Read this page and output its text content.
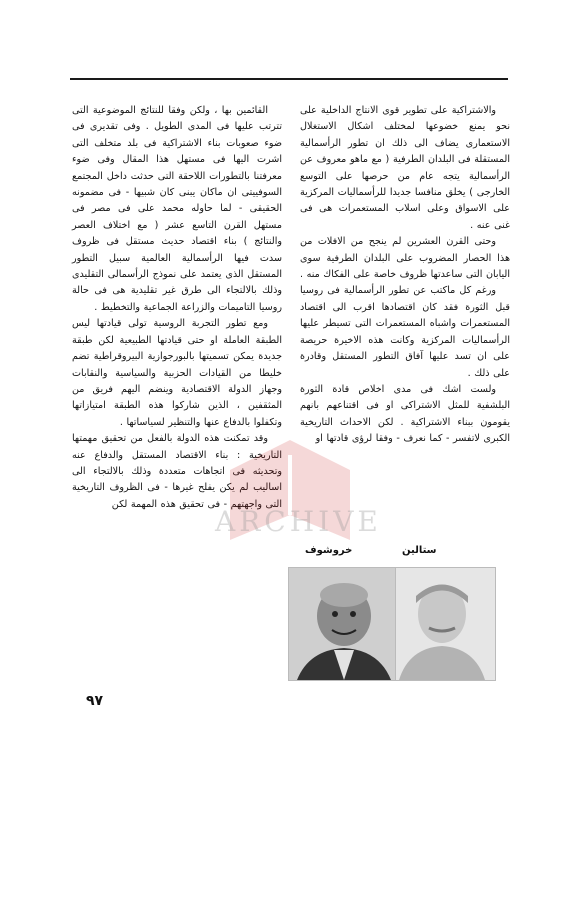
والاشتراكية على تطوير قوى الانتاج الداخلية على نحو يمنع خضوعها لمختلف اشكال الاستغلال الاستعمارى يضاف الى ذلك ان تطور الرأسمالية المستقلة فى البلدان الطرفية ( مع ماهو معروف عن الرأسمالية يتجه عام من حرصها على التوسع الخارجى ) يخلق منافسا جديدا للرأسماليات المركزية على الاسواق وعلى اسلاب المستعمرات هى فى غنى عنه .

وحتى القرن العشرين لم ينجح من الافلات من هذا الحصار المضروب على البلدان الطرفية سوى اليابان التى ساعدتها ظروف خاصة على الفكاك منه .

ورغم كل ماكتب عن تطور الرأسمالية فى روسيا قبل الثورة فقد كان اقتصادها اقرب الى اقتصاد المستعمرات واشباه المستعمرات التى تسيطر عليها الرأسماليات المركزية وكانت هذه الاخيرة حريصة على ان تسد عليها آفاق التطور المستقل وقادرة على ذلك .

ولست اشك فى مدى اخلاص قادة الثورة البلشفية للمثل الاشتراكى او فى اقتناعهم بانهم يقومون ببناء الاشتراكية . لكن الاحداث التاريخية الكبرى لاتفسر - كما نعرف - وفقا لرؤى قادتها او

القائمين بها ، ولكن وفقا للنتائج الموضوعية التى تترتب عليها فى المدى الطويل . وفى تقديرى فى ضوء صعوبات بناء الاشتراكية فى بلد متخلف التى اشرت اليها فى مستهل هذا المقال وفى ضوء معرفتنا بالتطورات اللاحقة التى حدثت داخل المجتمع السوفييتى ان ماكان يبنى كان شبيها - فى مضمونه الحقيقى - لما حاوله محمد على فى مصر فى مستهل القرن التاسع عشر ( مع اختلاف العصر والنتائج ) بناء اقتصاد حديث مستقل فى ظروف سدت فيها الرأسمالية العالمية سبيل التطور المستقل الذى يعتمد على نموذج الرأسمالى التقليدى وذلك بالالتجاء الى طرق غير تقليدية هى فى حالة روسيا التاميمات والزراعة الجماعية والتخطيط .

ومع تطور التجربة الروسية تولى قيادتها ليس الطبقة العاملة او حتى قيادتها الطبيعية لكن طبقة جديدة يمكن تسميتها بالبورجوازية البيروقراطية تضم خليطا من القيادات الحزبية والسياسية والنقابات وجهاز الدولة الاقتصادية وينضم اليهم فريق من المثقفين ، الذين شاركوا هذه الطبقة امتيازاتها وتكفلوا بالدفاع عنها والتنظير لسياساتها .

وقد تمكنت هذه الدولة بالفعل من تحقيق مهمتها التاريخية : بناء الاقتصاد المستقل والدفاع عنه وتحديثه فى اتجاهات متعددة وذلك بالالتجاء الى اساليب لم يكن يفلح غيرها - فى الظروف التاريخية التى واجهتهم - فى تحقيق هذه المهمة لكن

ستالين
خروشوف
٩٧
ARCHIVE
